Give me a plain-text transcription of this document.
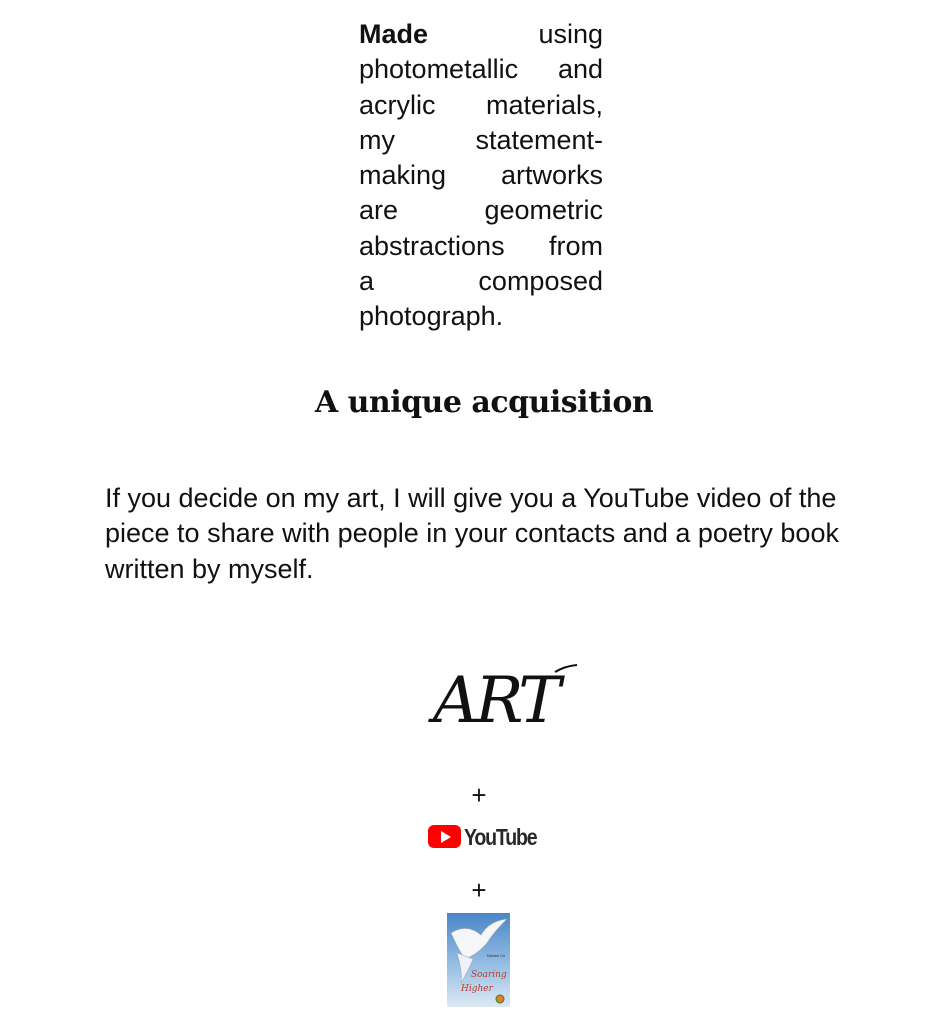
Made	using
photometallic and
acrylic materials,
my statement-
making artworks
are geometric
abstractions from
a composed
photograph.
A unique acquisition

If you decide on my art, I will give you a YouTube video of the piece to share with people in your contacts and a poetry book written by myself.

ART
+
YouTube
+
Michael Orr
Soaring
Higher
